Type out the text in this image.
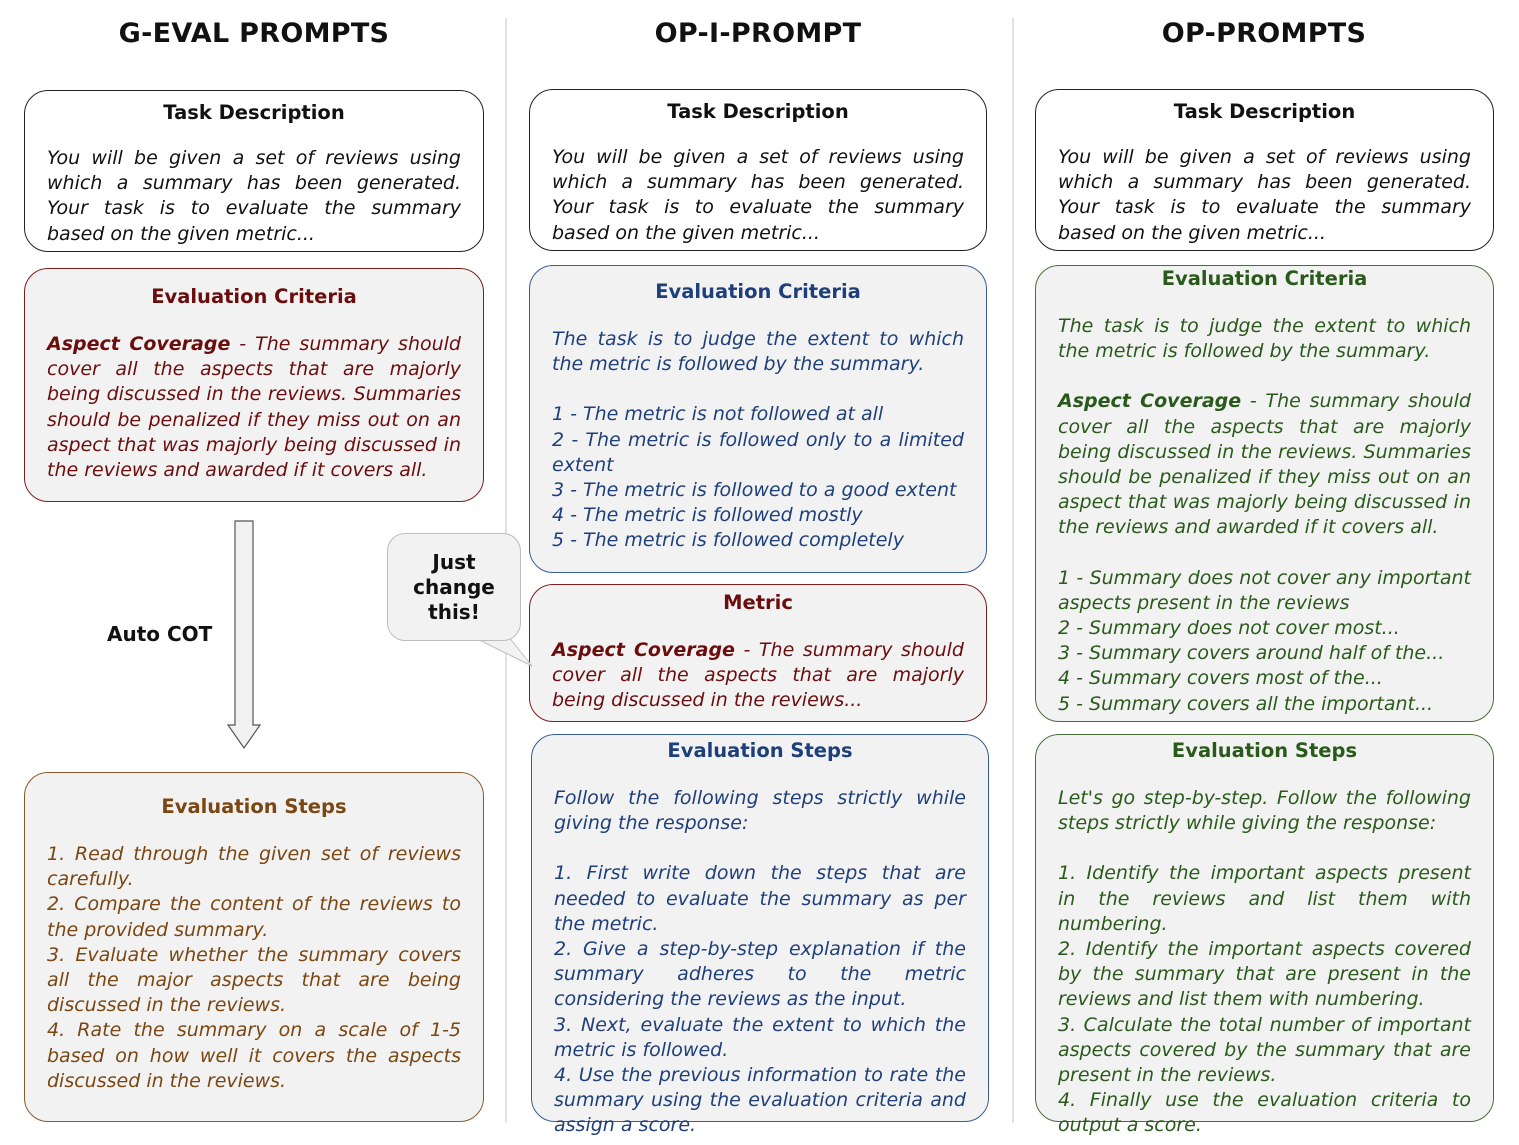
G-EVAL PROMPTS	OP-I-PROMPT	OP-PROMPTS
Task Description
You will be given a set of reviews using which a summary has been generated. Your task is to evaluate the summary based on the given metric...
Evaluation Criteria
Aspect Coverage - The summary should cover all the aspects that are majorly being discussed in the reviews. Summaries should be penalized if they miss out on an aspect that was majorly being discussed in the reviews and awarded if it covers all.
Auto COT
Evaluation Steps
1. Read through the given set of reviews carefully.
2. Compare the content of the reviews to the provided summary.
3. Evaluate whether the summary covers all the major aspects that are being discussed in the reviews.
4. Rate the summary on a scale of 1-5 based on how well it covers the aspects discussed in the reviews.
Task Description
You will be given a set of reviews using which a summary has been generated. Your task is to evaluate the summary based on the given metric...
Evaluation Criteria
The task is to judge the extent to which the metric is followed by the summary.
1 - The metric is not followed at all
2 - The metric is followed only to a limited extent
3 - The metric is followed to a good extent
4 - The metric is followed mostly
5 - The metric is followed completely
Metric
Aspect Coverage - The summary should cover all the aspects that are majorly being discussed in the reviews...
Just
change
this!
Evaluation Steps
Follow the following steps strictly while giving the response:
1. First write down the steps that are needed to evaluate the summary as per the metric.
2. Give a step-by-step explanation if the summary adheres to the metric considering the reviews as the input.
3. Next, evaluate the extent to which the metric is followed.
4. Use the previous information to rate the summary using the evaluation criteria and assign a score.
Task Description
You will be given a set of reviews using which a summary has been generated. Your task is to evaluate the summary based on the given metric...
Evaluation Criteria
The task is to judge the extent to which the metric is followed by the summary.
Aspect Coverage - The summary should cover all the aspects that are majorly being discussed in the reviews. Summaries should be penalized if they miss out on an aspect that was majorly being discussed in the reviews and awarded if it covers all.
1 - Summary does not cover any important aspects present in the reviews
2 - Summary does not cover most...
3 - Summary covers around half of the...
4 - Summary covers most of the...
5 - Summary covers all the important...
Evaluation Steps
Let's go step-by-step. Follow the following steps strictly while giving the response:
1. Identify the important aspects present in the reviews and list them with numbering.
2. Identify the important aspects covered by the summary that are present in the reviews and list them with numbering.
3. Calculate the total number of important aspects covered by the summary that are present in the reviews.
4. Finally use the evaluation criteria to output a score.
